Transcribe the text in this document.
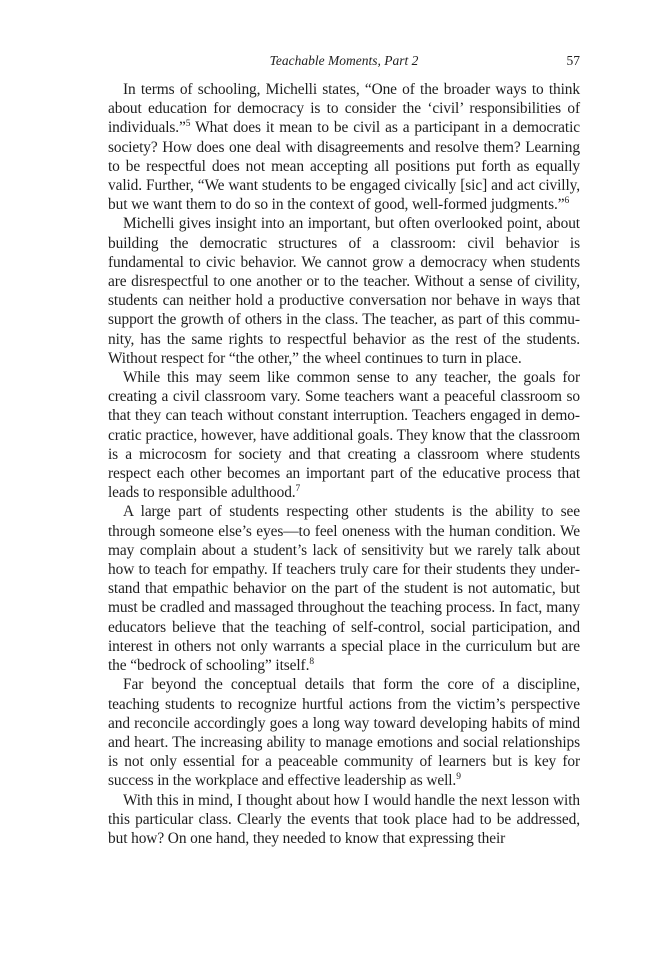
Teachable Moments, Part 2	57

In terms of schooling, Michelli states, “One of the broader ways to think about education for democracy is to consider the ‘civil’ responsibilities of individuals.”$^5$ What does it mean to be civil as a participant in a democratic society? How does one deal with disagreements and resolve them? Learning to be respectful does not mean accepting all positions put forth as equally valid. Further, “We want students to be engaged civically [sic] and act civilly, but we want them to do so in the context of good, well-formed judgments.”$^6$

Michelli gives insight into an important, but often overlooked point, about building the democratic structures of a classroom: civil behavior is fundamental to civic behavior. We cannot grow a democracy when students are disrespectful to one another or to the teacher. Without a sense of civility, students can neither hold a productive conversation nor behave in ways that support the growth of others in the class. The teacher, as part of this community, has the same rights to respectful behavior as the rest of the students. Without respect for “the other,” the wheel continues to turn in place.

While this may seem like common sense to any teacher, the goals for creating a civil classroom vary. Some teachers want a peaceful classroom so that they can teach without constant interruption. Teachers engaged in democratic practice, however, have additional goals. They know that the classroom is a microcosm for society and that creating a classroom where students respect each other becomes an important part of the educative process that leads to responsible adulthood.$^7$

A large part of students respecting other students is the ability to see through someone else’s eyes—to feel oneness with the human condition. We may complain about a student’s lack of sensitivity but we rarely talk about how to teach for empathy. If teachers truly care for their students they understand that empathic behavior on the part of the student is not automatic, but must be cradled and massaged throughout the teaching process. In fact, many educators believe that the teaching of self-control, social participation, and interest in others not only warrants a special place in the curriculum but are the “bedrock of schooling” itself.$^8$

Far beyond the conceptual details that form the core of a discipline, teaching students to recognize hurtful actions from the victim’s perspective and reconcile accordingly goes a long way toward developing habits of mind and heart. The increasing ability to manage emotions and social relationships is not only essential for a peaceable community of learners but is key for success in the workplace and effective leadership as well.$^9$

With this in mind, I thought about how I would handle the next lesson with this particular class. Clearly the events that took place had to be addressed, but how? On one hand, they needed to know that expressing their
